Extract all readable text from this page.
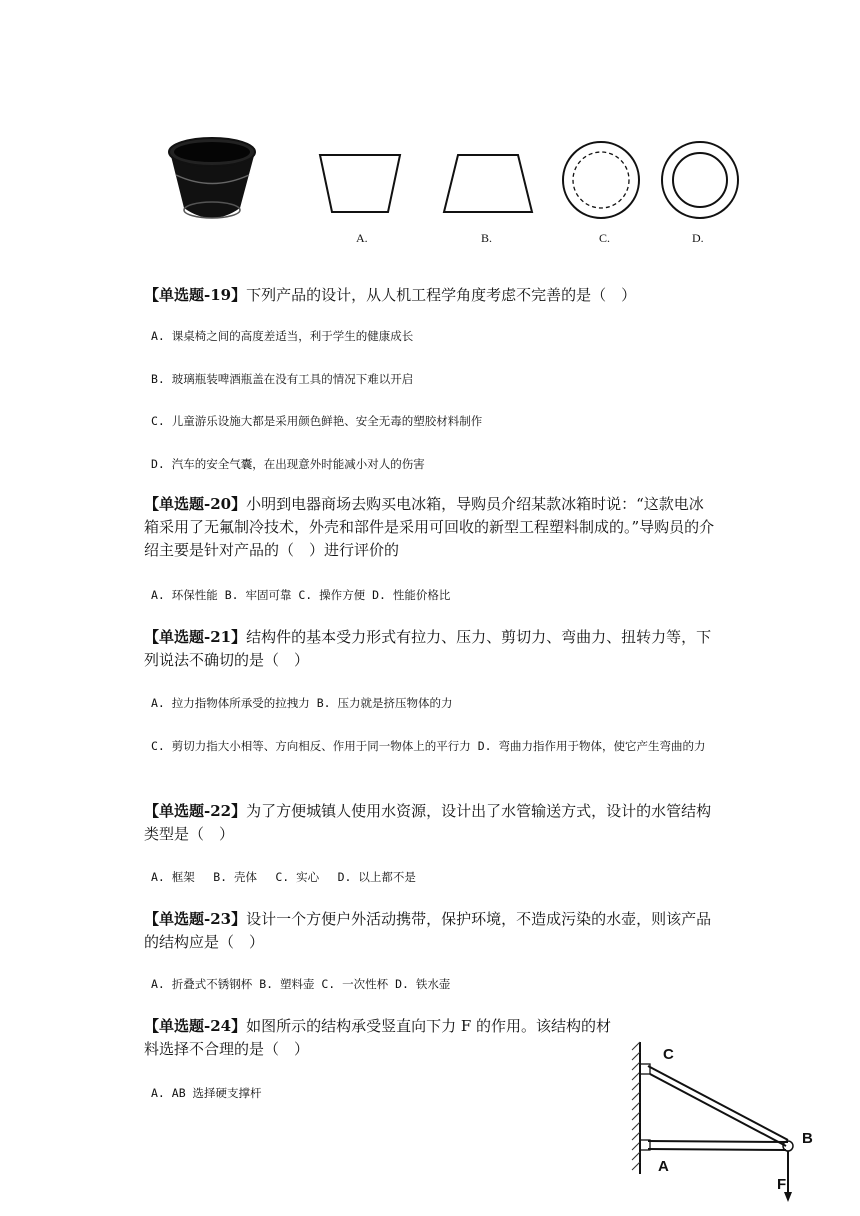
A.	B.	C.	D.
【单选题-19】下列产品的设计，从人机工程学角度考虑不完善的是（　）
A. 课桌椅之间的高度差适当，利于学生的健康成长
B. 玻璃瓶装啤酒瓶盖在没有工具的情况下难以开启
C. 儿童游乐设施大都是采用颜色鲜艳、安全无毒的塑胶材料制作
D. 汽车的安全气囊，在出现意外时能减小对人的伤害
【单选题-20】小明到电器商场去购买电冰箱，导购员介绍某款冰箱时说：“这款电冰箱采用了无氟制冷技术，外壳和部件是采用可回收的新型工程塑料制成的。”导购员的介绍主要是针对产品的（　）进行评价的
A. 环保性能 B. 牢固可靠 C. 操作方便 D. 性能价格比
【单选题-21】结构件的基本受力形式有拉力、压力、剪切力、弯曲力、扭转力等，下列说法不确切的是（　）
A. 拉力指物体所承受的拉拽力 B. 压力就是挤压物体的力
C. 剪切力指大小相等、方向相反、作用于同一物体上的平行力 D. 弯曲力指作用于物体，使它产生弯曲的力
【单选题-22】为了方便城镇人使用水资源，设计出了水管输送方式，设计的水管结构类型是（　）
A. 框架　 B. 壳体　 C. 实心　 D. 以上都不是
【单选题-23】设计一个方便户外活动携带，保护环境，不造成污染的水壶，则该产品的结构应是（　）
A. 折叠式不锈钢杯 B. 塑料壶 C. 一次性杯 D. 铁水壶
【单选题-24】如图所示的结构承受竖直向下力 F 的作用。该结构的材
料选择不合理的是（　）
A. AB 选择硬支撑杆
C
A
B
F
